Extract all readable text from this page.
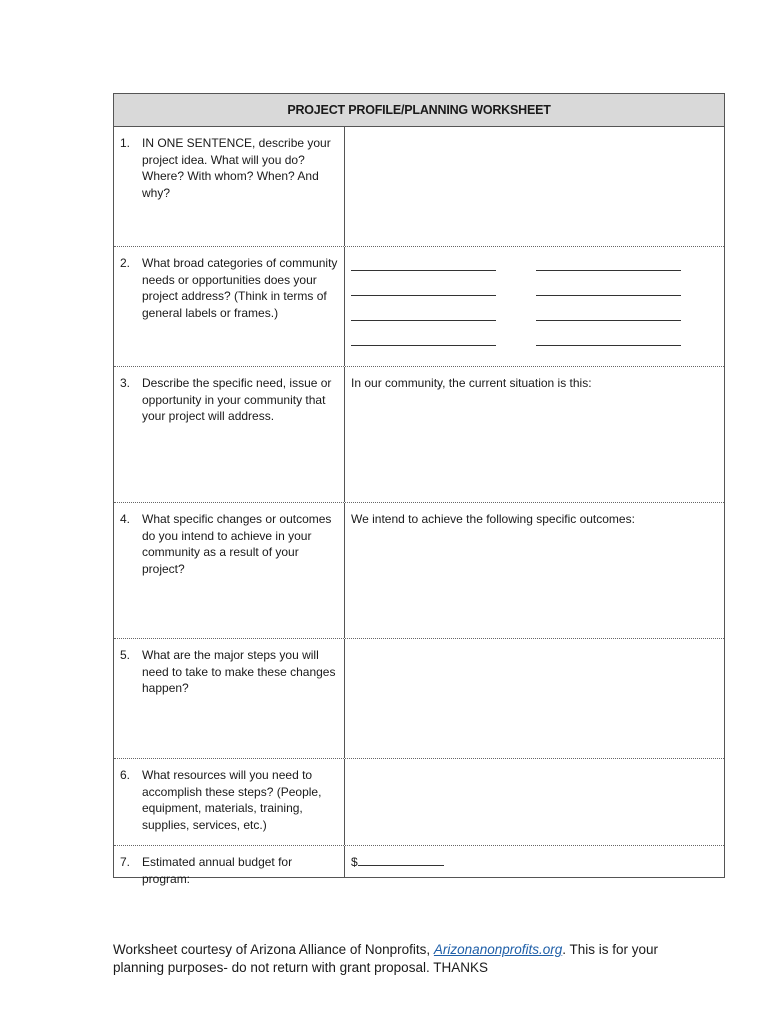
PROJECT PROFILE/PLANNING WORKSHEET
1. IN ONE SENTENCE, describe your project idea. What will you do? Where? With whom? When? And why?
2. What broad categories of community needs or opportunities does your project address? (Think in terms of general labels or frames.)
3. Describe the specific need, issue or opportunity in your community that your project will address.
In our community, the current situation is this:
4. What specific changes or outcomes do you intend to achieve in your community as a result of your project?
We intend to achieve the following specific outcomes:
5. What are the major steps you will need to take to make these changes happen?
6. What resources will you need to accomplish these steps? (People, equipment, materials, training, supplies, services, etc.)
7. Estimated annual budget for program:
$
Worksheet courtesy of Arizona Alliance of Nonprofits, Arizonanonprofits.org. This is for your planning purposes- do not return with grant proposal. THANKS
